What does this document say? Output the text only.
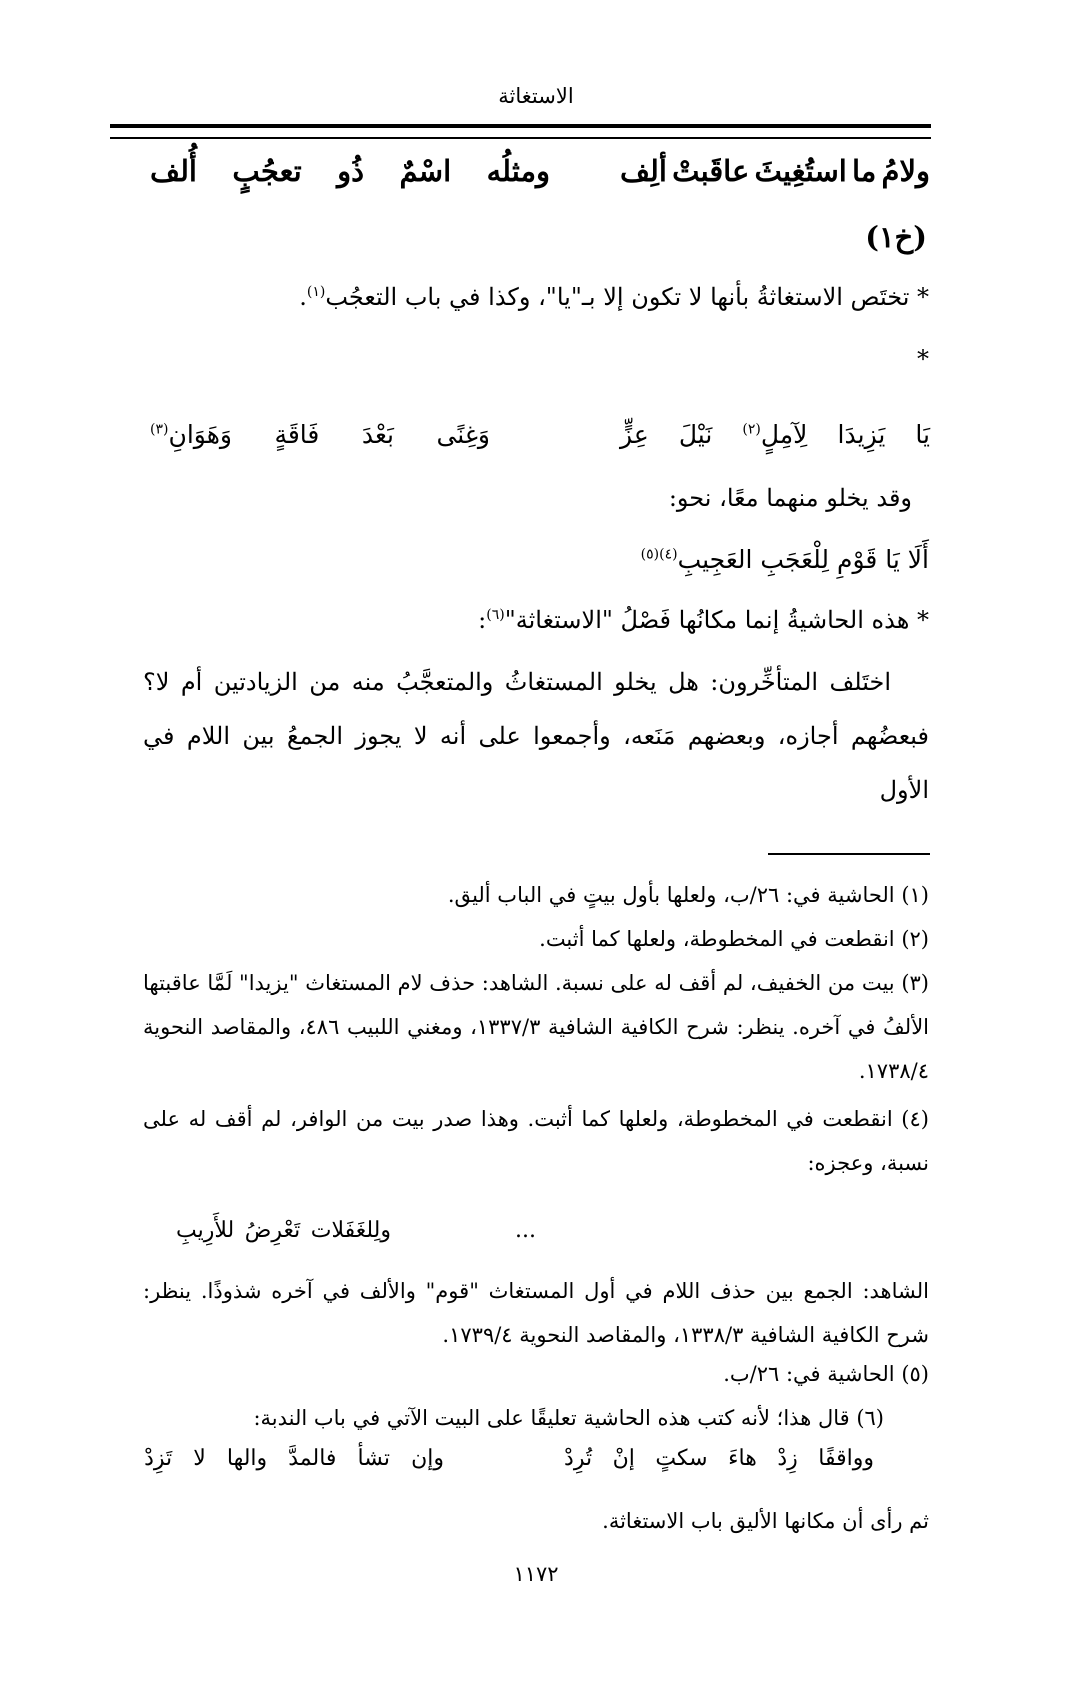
الاستغاثة
ولامُ
ما
استُغِيثَ
عاقَبتْ
ألِف
ومثلُه
اسْمٌ
ذُو
تعجُبٍ
أُلف
(خ١)
* تختَص الاستغاثةُ بأنها لا تكون إلا بـ"يا"، وكذا في باب التعجُب$^{(١)}$.
*
يَا
يَزِيدَا
لِآمِلٍ$^{(٢)}$
نَيْلَ
عِزٍّ
وَغِنًى
بَعْدَ
فَاقَةٍ
وَهَوَانِ$^{(٣)}$
وقد يخلو منهما معًا، نحو:
أَلَا يَا قَوْمِ لِلْعَجَبِ العَجِيبِ$^{(٤)(٥)}$
* هذه الحاشيةُ إنما مكانُها فَصْلُ "الاستغاثة"$^{(٦)}$:
اختَلف المتأخِّرون: هل يخلو المستغاثُ والمتعجَّبُ منه من الزيادتين أم لا؟ فبعضُهم أجازه، وبعضهم مَنَعه، وأجمعوا على أنه لا يجوز الجمعُ بين اللام في الأول
(١) الحاشية في: ٢٦/ب، ولعلها بأول بيتٍ في الباب أليق.
(٢) انقطعت في المخطوطة، ولعلها كما أثبت.
(٣) بيت من الخفيف، لم أقف له على نسبة. الشاهد: حذف لام المستغاث "يزيدا" لَمَّا عاقبتها الألفُ في آخره. ينظر: شرح الكافية الشافية ١٣٣٧/٣، ومغني اللبيب ٤٨٦، والمقاصد النحوية ١٧٣٨/٤.
(٤) انقطعت في المخطوطة، ولعلها كما أثبت. وهذا صدر بيت من الوافر، لم أقف له على نسبة، وعجزه:
...
ولِلغَفَلات
تَعْرِضُ
للأَرِيبِ
الشاهد: الجمع بين حذف اللام في أول المستغاث "قوم" والألف في آخره شذوذًا. ينظر: شرح الكافية الشافية ١٣٣٨/٣، والمقاصد النحوية ١٧٣٩/٤.
(٥) الحاشية في: ٢٦/ب.
(٦) قال هذا؛ لأنه كتب هذه الحاشية تعليقًا على البيت الآتي في باب الندبة:
وواقفًا
زِدْ
هاءَ
سكتٍ
إنْ
تُرِدْ
وإن
تشأ
فالمدَّ
والها
لا
تَزِدْ
ثم رأى أن مكانها الأليق باب الاستغاثة.
١١٧٢
